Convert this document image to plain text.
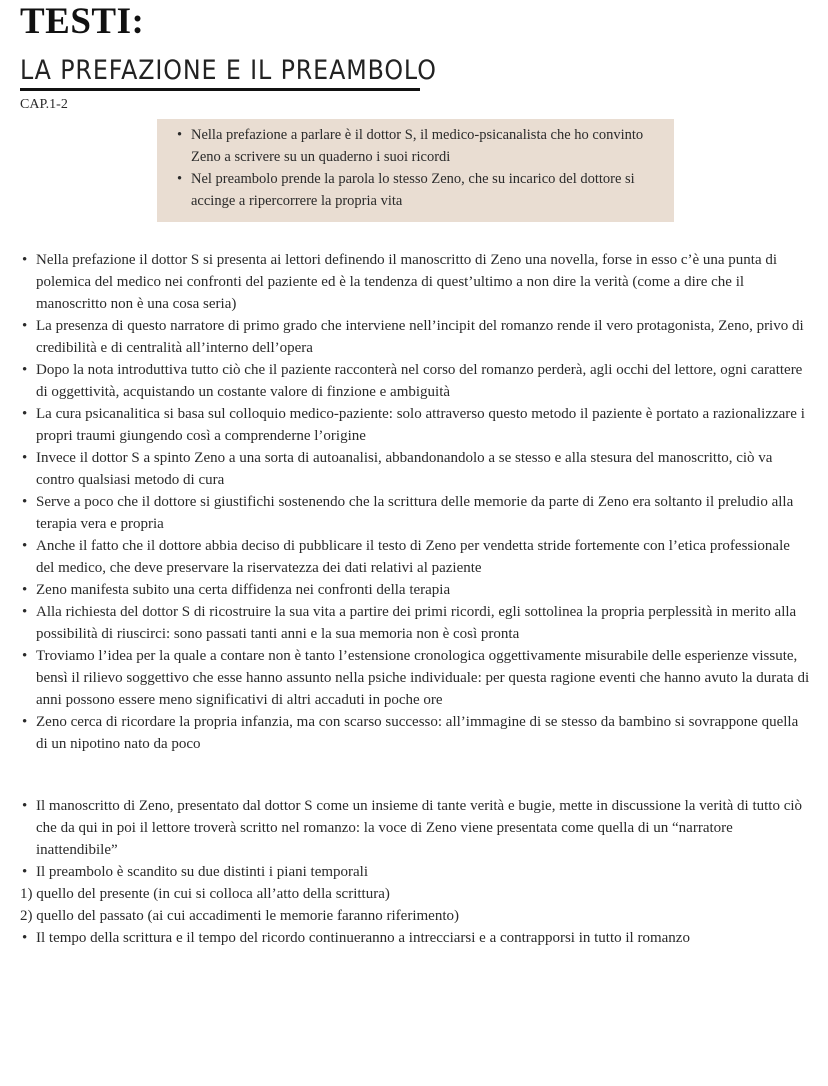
TESTI:
LA PREFAZIONE E IL PREAMBOLO
CAP.1-2
• Nella prefazione a parlare è il dottor S, il medico-psicanalista che ho convinto Zeno a scrivere su un quaderno i suoi ricordi
• Nel preambolo prende la parola lo stesso Zeno, che su incarico del dottore si accinge a ripercorrere la propria vita
• Nella prefazione il dottor S si presenta ai lettori definendo il manoscritto di Zeno una novella, forse in esso c’è una punta di polemica del medico nei confronti del paziente ed è la tendenza di quest’ultimo a non dire la verità (come a dire che il manoscritto non è una cosa seria)
• La presenza di questo narratore di primo grado che interviene nell’incipit del romanzo rende il vero protagonista, Zeno, privo di credibilità e di centralità all’interno dell’opera
• Dopo la nota introduttiva tutto ciò che il paziente racconterà nel corso del romanzo perderà, agli occhi del lettore, ogni carattere di oggettività, acquistando un costante valore di finzione e ambiguità
• La cura psicanalitica si basa sul colloquio medico-paziente: solo attraverso questo metodo il paziente è portato a razionalizzare i propri traumi giungendo così a comprenderne l’origine
• Invece il dottor S a spinto Zeno a una sorta di autoanalisi, abbandonandolo a se stesso e alla stesura del manoscritto, ciò va contro qualsiasi metodo di cura
• Serve a poco che il dottore si giustifichi sostenendo che la scrittura delle memorie da parte di Zeno era soltanto il preludio alla terapia vera e propria
• Anche il fatto che il dottore abbia deciso di pubblicare il testo di Zeno per vendetta stride fortemente con l’etica professionale del medico, che deve preservare la riservatezza dei dati relativi al paziente
• Zeno manifesta subito una certa diffidenza nei confronti della terapia
• Alla richiesta del dottor S di ricostruire la sua vita a partire dei primi ricordi, egli sottolinea la propria perplessità in merito alla possibilità di riuscirci: sono passati tanti anni e la sua memoria non è così pronta
• Troviamo l’idea per la quale a contare non è tanto l’estensione cronologica oggettivamente misurabile delle esperienze vissute, bensì il rilievo soggettivo che esse hanno assunto nella psiche individuale: per questa ragione eventi che hanno avuto la durata di anni possono essere meno significativi di altri accaduti in poche ore
• Zeno cerca di ricordare la propria infanzia, ma con scarso successo: all’immagine di se stesso da bambino si sovrappone quella di un nipotino nato da poco
• Il manoscritto di Zeno, presentato dal dottor S come un insieme di tante verità e bugie, mette in discussione la verità di tutto ciò che da qui in poi il lettore troverà scritto nel romanzo: la voce di Zeno viene presentata come quella di un “narratore inattendibile”
• Il preambolo è scandito su due distinti i piani temporali
1) quello del presente (in cui si colloca all’atto della scrittura)
2) quello del passato (ai cui accadimenti le memorie faranno riferimento)
• Il tempo della scrittura e il tempo del ricordo continueranno a intrecciarsi e a contrapporsi in tutto il romanzo
